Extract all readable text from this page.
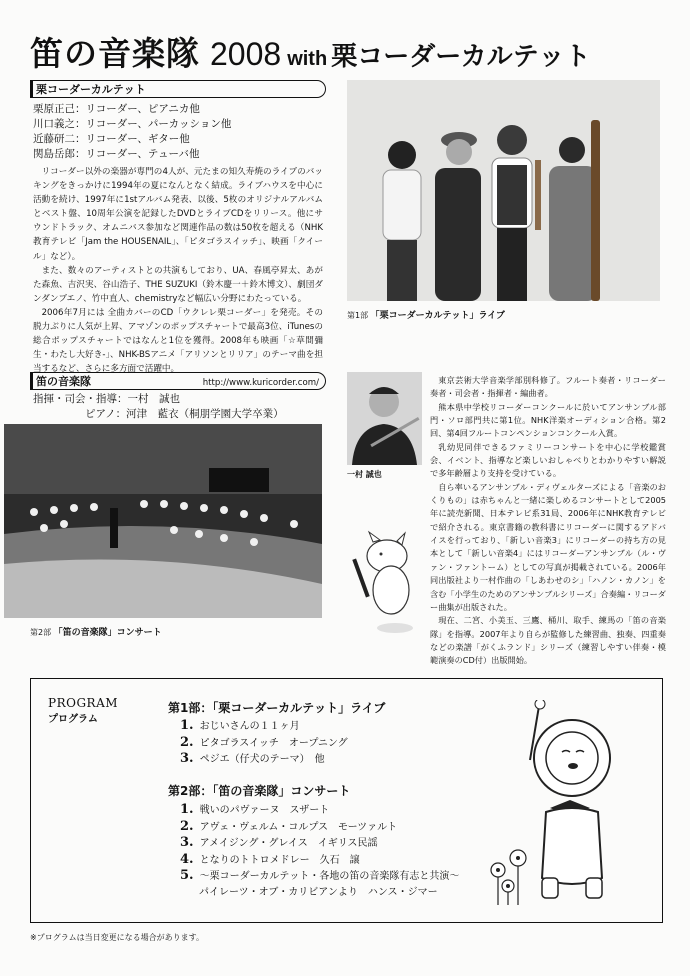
笛の音楽隊 2008 with 栗コーダーカルテット
栗コーダーカルテット
栗原正己：リコーダー、ピアニカ他
川口義之：リコーダー、パーカッション他
近藤研二：リコーダー、ギター他
関島岳郎：リコーダー、テューバ他

リコーダー以外の楽器が専門の4人が、元たまの知久寿焼のライブのバッキングをきっかけに1994年の夏になんとなく結成。ライブハウスを中心に活動を続け、1997年に1stアルバム発表、以後、5枚のオリジナルアルバムとベスト盤、10周年公演を記録したDVDとライブCDをリリース。他にサウンドトラック、オムニバス参加など関連作品の数は50枚を超える（NHK教育テレビ「Jam the HOUSENAIL」、「ピタゴラスイッチ」、映画「クイール」など）。

また、数々のアーティストとの共演もしており、UA、春風亭昇太、あがた森魚、吉沢実、谷山浩子、THE SUZUKI（鈴木慶一＋鈴木博文）、劇団ダンダンブエノ、竹中直人、chemistryなど幅広い分野にわたっている。

2006年7月には 全曲カバーのCD「ウクレレ栗コーダー」を発売。その脱力ぶりに人気が上昇、アマゾンのポップスチャートで最高3位、iTunesの総合ポップスチャートではなんと1位を獲得。2008年も映画「☆草間彌生・わたし大好き-」、NHK-BSアニメ「アリソンとリリア」のテーマ曲を担当するなど、さらに多方面で活躍中。

http://www.kuricorder.com/
第1部 「栗コーダーカルテット」ライブ
笛の音楽隊
指揮・司会・指導：一村　誠也
ピアノ：河津　藍衣（桐朋学園大学卒業）
第2部 「笛の音楽隊」コンサート
一村 誠也

東京芸術大学音楽学部別科修了。フルート奏者・リコーダー奏者・司会者・指揮者・編曲者。

熊本県中学校リコーダーコンクールに於いてアンサンブル部門・ソロ部門共に第1位。NHK洋楽オーディション合格。第2回、第4回フルートコンペンションコンクール入賞。

乳幼児同伴できるファミリーコンサートを中心に学校鑑賞会、イベント、指導など楽しいおしゃべりとわかりやすい解説で多年齢層より支持を受けている。

自ら率いるアンサンブル・ディヴェルターズによる「音楽のおくりもの」は赤ちゃんと一緒に楽しめるコンサートとして2005年に読売新聞、日本テレビ系31局、2006年にNHK教育テレビで紹介される。東京書籍の教科書にリコーダーに関するアドバイスを行っており、「新しい音楽3」にリコーダーの持ち方の見本として「新しい音楽4」にはリコーダーアンサンブル（ル・ヴァン・ファントーム）としての写真が掲載されている。2006年同出版社より一村作曲の「しあわせのシ」「ハノン・カノン」を含む「小学生のためのアンサンブルシリーズ」合奏編・リコーダー曲集が出版された。

現在、二宮、小美玉、三鷹、桶川、取手、練馬の「笛の音楽隊」を指導。2007年より自らが監修した練習曲、独奏、四重奏などの楽譜「がくふランド」シリーズ（練習しやすい伴奏・模範演奏のCD付）出版開始。

PROGRAM
プログラム
第1部：「栗コーダーカルテット」ライブ
1. おじいさんの１１ヶ月
2. ピタゴラスイッチ　オープニング
3. ペジエ（仔犬のテーマ）　他
第2部：「笛の音楽隊」コンサート
1. 戦いのパヴァーヌ　スザート
2. アヴェ・ヴェルム・コルプス　モーツァルト
3. アメイジング・グレイス　イギリス民謡
4. となりのトトロメドレー　久石　譲
5. ～栗コーダーカルテット・各地の笛の音楽隊有志と共演～
パイレーツ・オブ・カリビアンより　ハンス・ジマー
※プログラムは当日変更になる場合があります。
